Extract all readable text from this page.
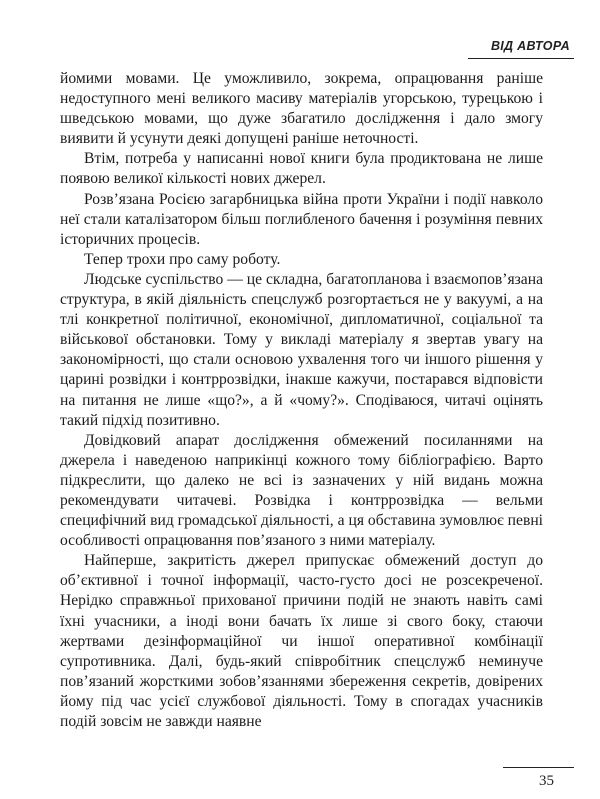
ВІД АВТОРА

йомими мовами. Це уможливило, зокрема, опрацювання раніше недоступного мені великого масиву матеріалів угорською, турецькою і шведською мовами, що дуже збагатило дослідження і дало змогу виявити й усунути деякі допущені раніше неточності.

Втім, потреба у написанні нової книги була продиктована не лише появою великої кількості нових джерел.

Розв’язана Росією загарбницька війна проти України і події навколо неї стали каталізатором більш поглибленого бачення і розуміння певних історичних процесів.

Тепер трохи про саму роботу.

Людське суспільство — це складна, багатопланова і взаємопов’язана структура, в якій діяльність спецслужб розгортається не у вакуумі, а на тлі конкретної політичної, економічної, дипломатичної, соціальної та військової обстановки. Тому у викладі матеріалу я звертав увагу на закономірності, що стали основою ухвалення того чи іншого рішення у царині розвідки і контррозвідки, інакше кажучи, постарався відповісти на питання не лише «що?», а й «чому?». Сподіваюся, читачі оцінять такий підхід позитивно.

Довідковий апарат дослідження обмежений посиланнями на джерела і наведеною наприкінці кожного тому бібліографією. Варто підкреслити, що далеко не всі із зазначених у ній видань можна рекомендувати читачеві. Розвідка і контррозвідка — вельми специфічний вид громадської діяльності, а ця обставина зумовлює певні особливості опрацювання пов’язаного з ними матеріалу.

Найперше, закритість джерел припускає обмежений доступ до об’єктивної і точної інформації, часто-густо досі не розсекреченої. Нерідко справжньої прихованої причини подій не знають навіть самі їхні учасники, а іноді вони бачать їх лише зі свого боку, стаючи жертвами дезінформаційної чи іншої оперативної комбінації супротивника. Далі, будь-який співробітник спецслужб неминуче пов’язаний жорсткими зобов’язаннями збереження секретів, довірених йому під час усієї службової діяльності. Тому в спогадах учасників подій зовсім не завжди наявне

35
